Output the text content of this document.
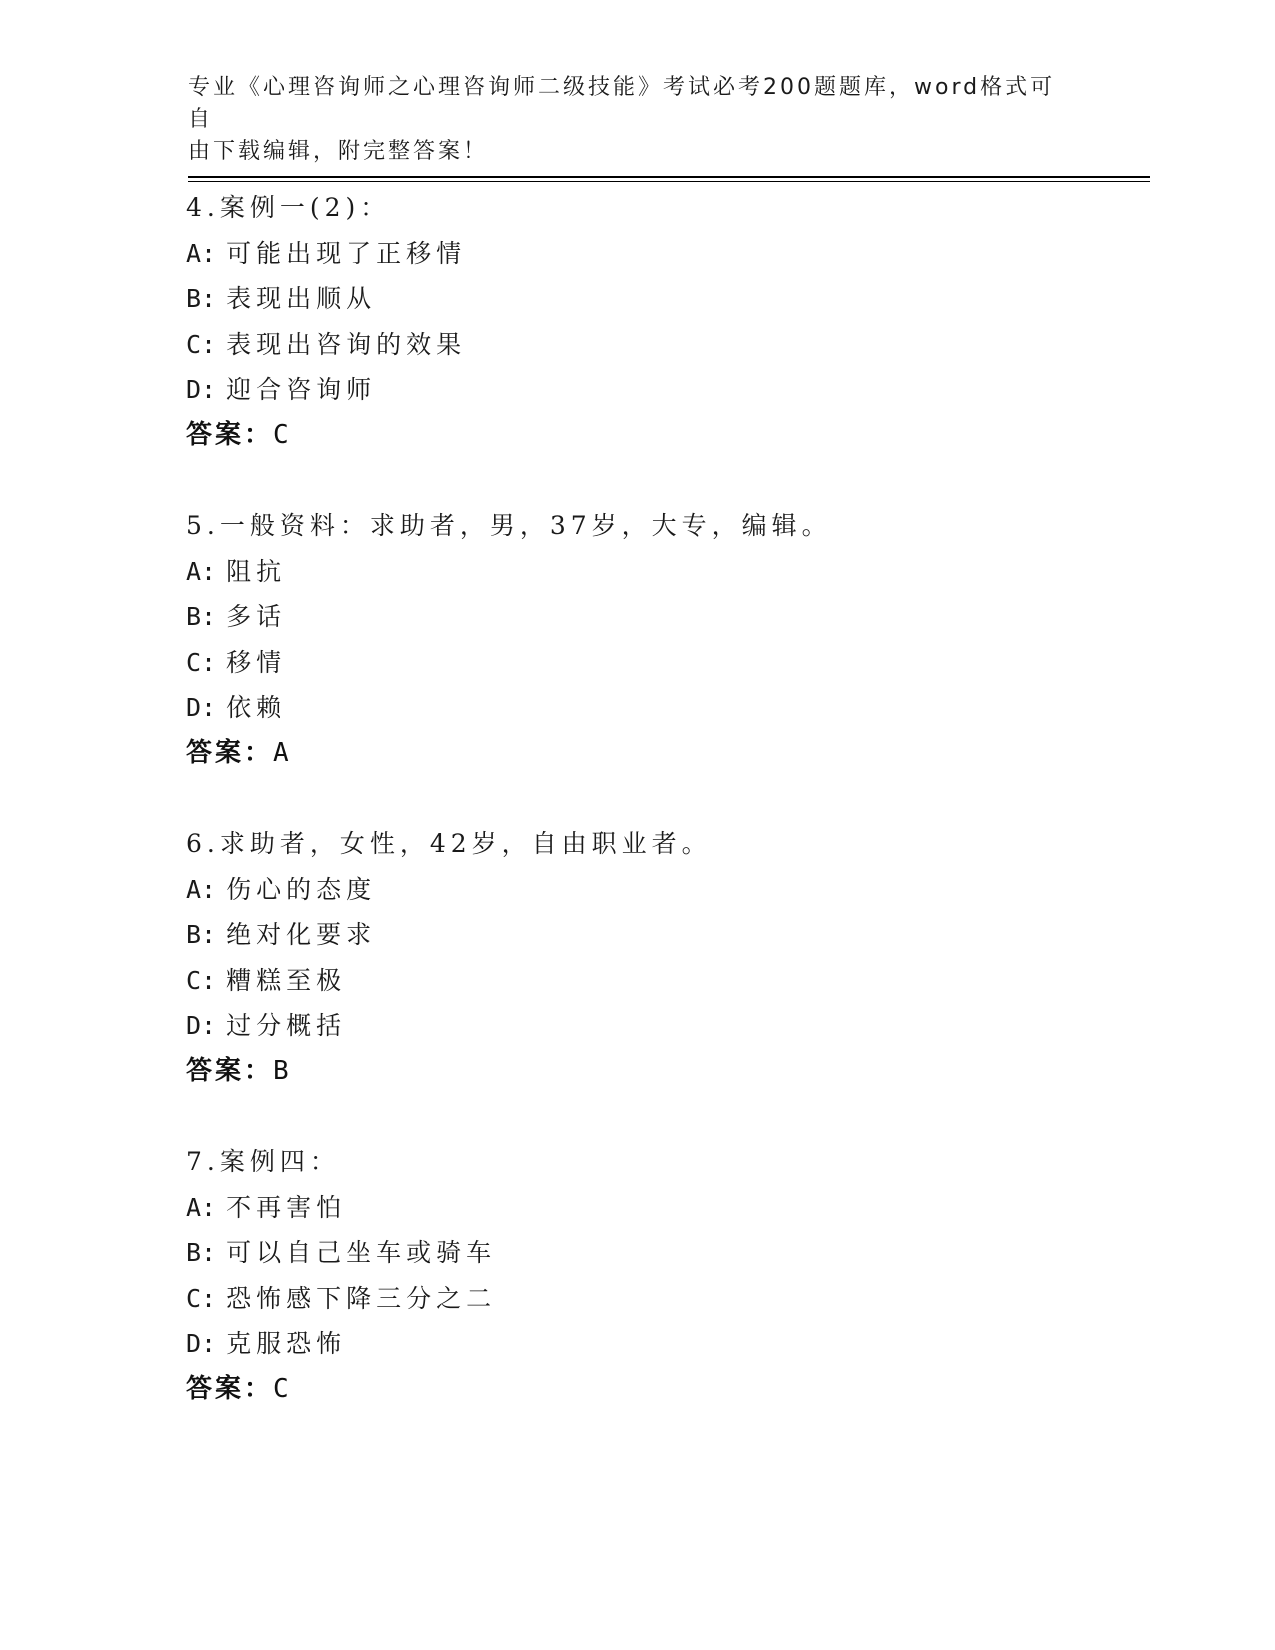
专业《心理咨询师之心理咨询师二级技能》考试必考200题题库，word格式可自
由下载编辑，附完整答案！
4.案例一(2)：
A: 可能出现了正移情
B: 表现出顺从
C: 表现出咨询的效果
D: 迎合咨询师
答案：C
5.一般资料：求助者，男，37岁，大专，编辑。
A: 阻抗
B: 多话
C: 移情
D: 依赖
答案：A
6.求助者，女性，42岁，自由职业者。
A: 伤心的态度
B: 绝对化要求
C: 糟糕至极
D: 过分概括
答案：B
7.案例四：
A: 不再害怕
B: 可以自己坐车或骑车
C: 恐怖感下降三分之二
D: 克服恐怖
答案：C
